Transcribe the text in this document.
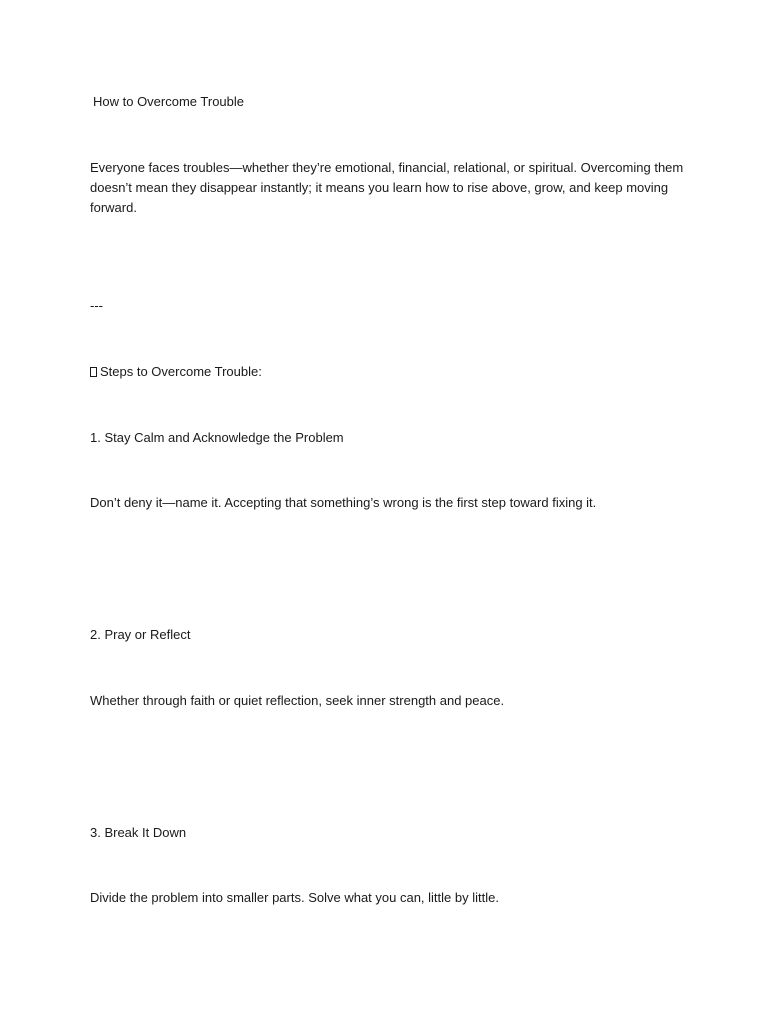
How to Overcome Trouble

Everyone faces troubles—whether they’re emotional, financial, relational, or spiritual. Overcoming them doesn’t mean they disappear instantly; it means you learn how to rise above, grow, and keep moving forward.

---

Steps to Overcome Trouble:

1. Stay Calm and Acknowledge the Problem

Don’t deny it—name it. Accepting that something’s wrong is the first step toward fixing it.

2. Pray or Reflect

Whether through faith or quiet reflection, seek inner strength and peace.

3. Break It Down

Divide the problem into smaller parts. Solve what you can, little by little.
